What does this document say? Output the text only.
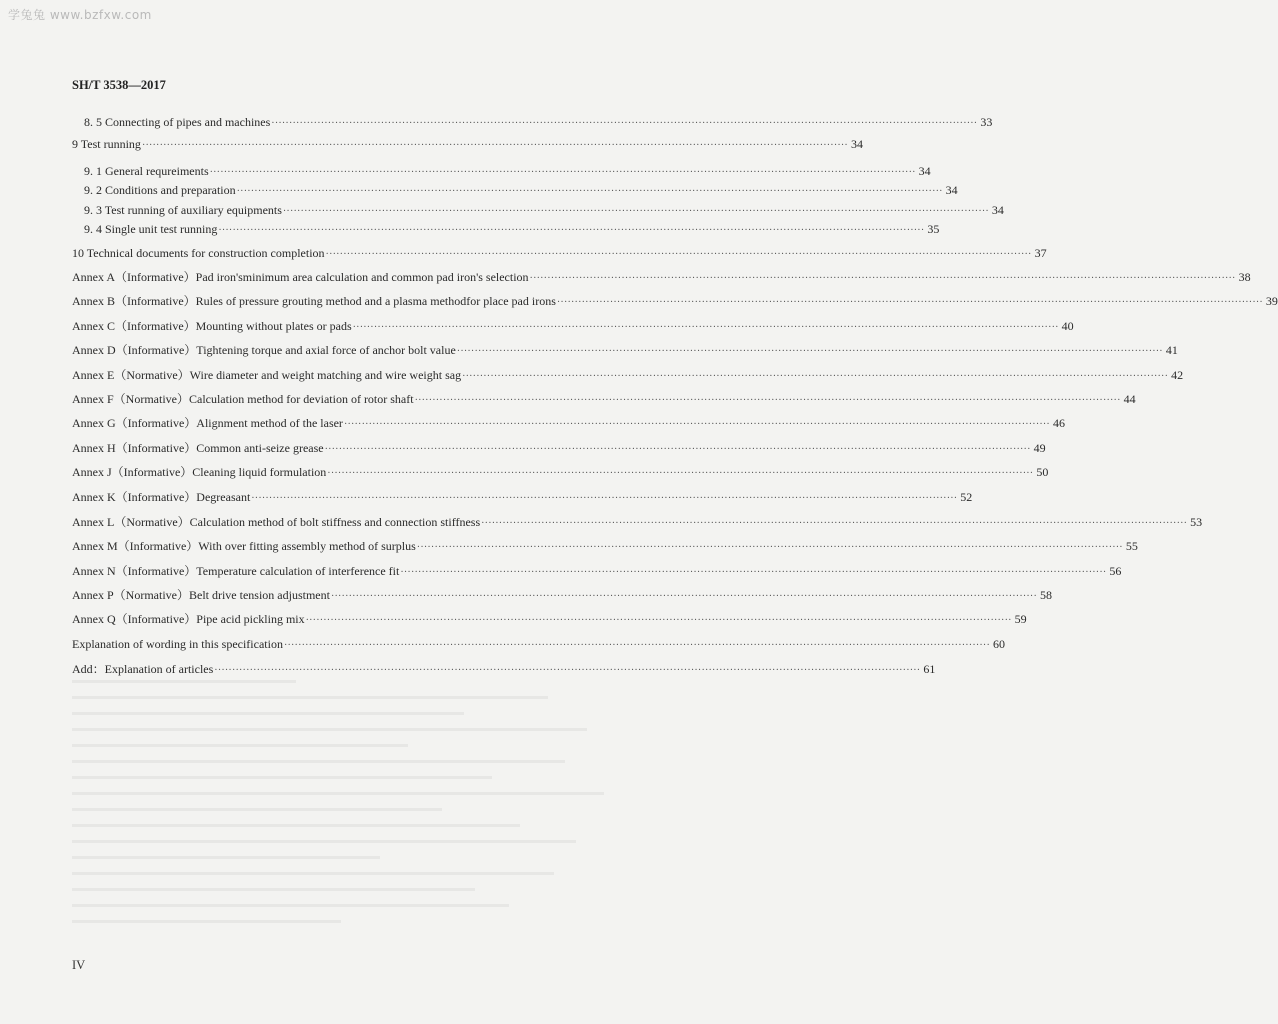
学兔兔 www.bzfxw.com
SH/T 3538—2017
8. 5 Connecting of pipes and machines ········································································································································································································ 33
9 Test running ········································································································································································································ 34
9. 1 General requreiments ········································································································································································································ 34
9. 2 Conditions and preparation ········································································································································································································ 34
9. 3 Test running of auxiliary equipments ········································································································································································································ 34
9. 4 Single unit test running ········································································································································································································ 35
10 Technical documents for construction completion ········································································································································································································ 37
Annex A（Informative）Pad iron'sminimum area calculation and common pad iron's selection ········································································································································································································ 38
Annex B（Informative）Rules of pressure grouting method and a plasma methodfor place pad irons ········································································································································································································ 39
Annex C（Informative）Mounting without plates or pads ········································································································································································································ 40
Annex D（Informative）Tightening torque and axial force of anchor bolt value ········································································································································································································ 41
Annex E（Normative）Wire diameter and weight matching and wire weight sag ········································································································································································································ 42
Annex F（Normative）Calculation method for deviation of rotor shaft ········································································································································································································ 44
Annex G（Informative）Alignment method of the laser ········································································································································································································ 46
Annex H（Informative）Common anti-seize grease ········································································································································································································ 49
Annex J（Informative）Cleaning liquid formulation ········································································································································································································ 50
Annex K（Informative）Degreasant ········································································································································································································ 52
Annex L（Normative）Calculation method of bolt stiffness and connection stiffness ········································································································································································································ 53
Annex M（Informative）With over fitting assembly method of surplus ········································································································································································································ 55
Annex N（Informative）Temperature calculation of interference fit ········································································································································································································ 56
Annex P（Normative）Belt drive tension adjustment ········································································································································································································ 58
Annex Q（Informative）Pipe acid pickling mix ········································································································································································································ 59
Explanation of wording in this specification ········································································································································································································ 60
Add：Explanation of articles ········································································································································································································ 61
IV
